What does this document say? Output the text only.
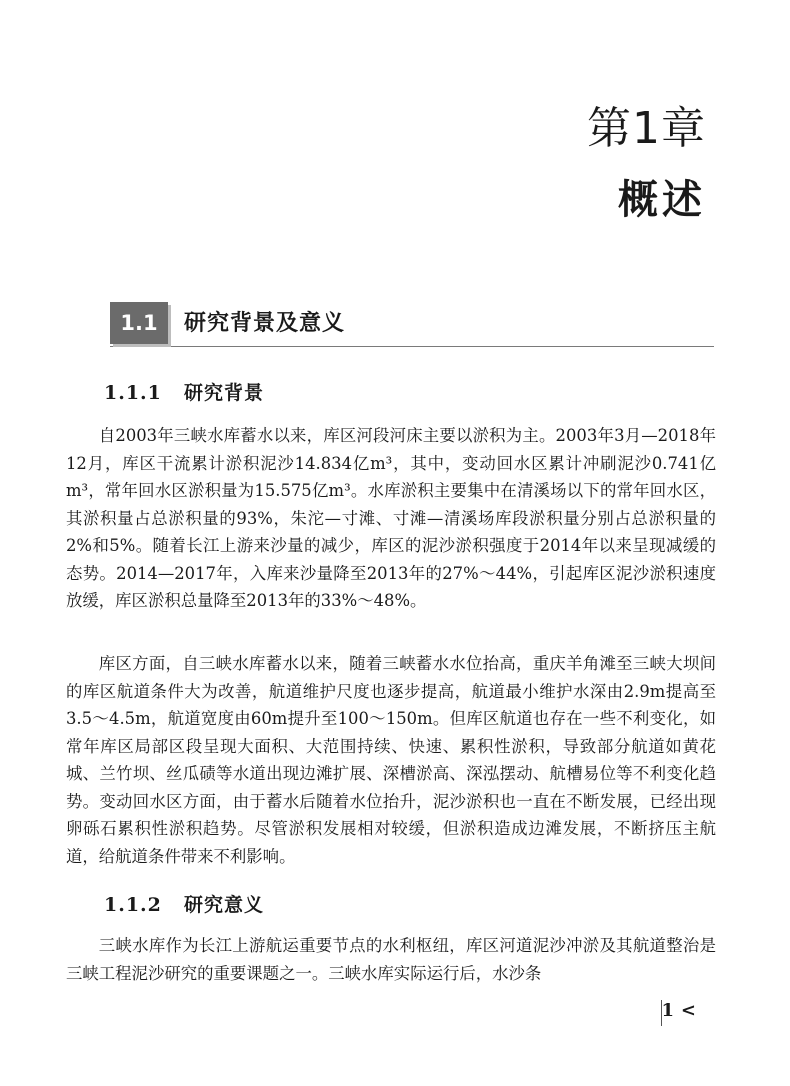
第1章
概述
1.1	研究背景及意义
1.1.1 研究背景

自2003年三峡水库蓄水以来，库区河段河床主要以淤积为主。2003年3月—2018年12月，库区干流累计淤积泥沙14.834亿m³，其中，变动回水区累计冲刷泥沙0.741亿m³，常年回水区淤积量为15.575亿m³。水库淤积主要集中在清溪场以下的常年回水区，其淤积量占总淤积量的93%，朱沱—寸滩、寸滩—清溪场库段淤积量分别占总淤积量的2%和5%。随着长江上游来沙量的减少，库区的泥沙淤积强度于2014年以来呈现减缓的态势。2014—2017年，入库来沙量降至2013年的27%～44%，引起库区泥沙淤积速度放缓，库区淤积总量降至2013年的33%～48%。

库区方面，自三峡水库蓄水以来，随着三峡蓄水水位抬高，重庆羊角滩至三峡大坝间的库区航道条件大为改善，航道维护尺度也逐步提高，航道最小维护水深由2.9m提高至3.5～4.5m，航道宽度由60m提升至100～150m。但库区航道也存在一些不利变化，如常年库区局部区段呈现大面积、大范围持续、快速、累积性淤积，导致部分航道如黄花城、兰竹坝、丝瓜碛等水道出现边滩扩展、深槽淤高、深泓摆动、航槽易位等不利变化趋势。变动回水区方面，由于蓄水后随着水位抬升，泥沙淤积也一直在不断发展，已经出现卵砾石累积性淤积趋势。尽管淤积发展相对较缓，但淤积造成边滩发展，不断挤压主航道，给航道条件带来不利影响。

1.1.2 研究意义

三峡水库作为长江上游航运重要节点的水利枢纽，库区河道泥沙冲淤及其航道整治是三峡工程泥沙研究的重要课题之一。三峡水库实际运行后，水沙条

1 <
